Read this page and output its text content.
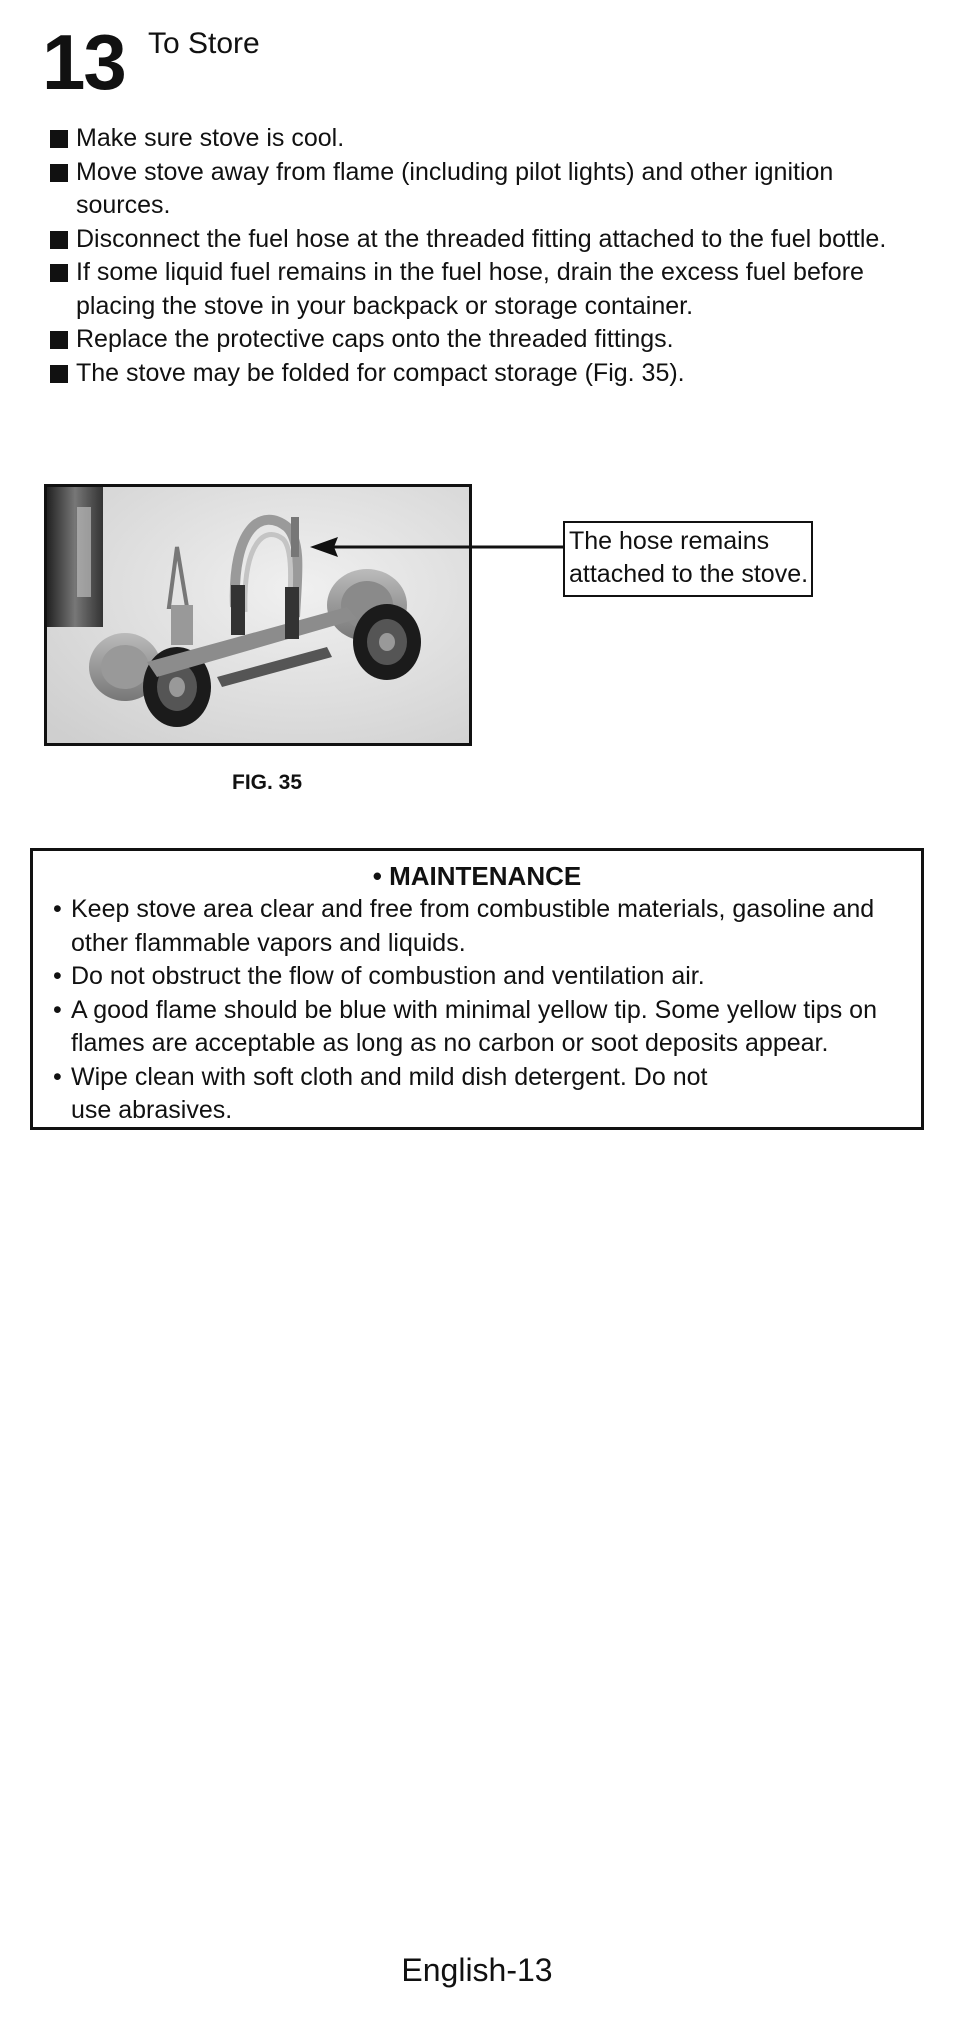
13 To Store
Make sure stove is cool.
Move stove away from flame (including pilot lights) and other ignition sources.
Disconnect the fuel hose at the threaded fitting attached to the fuel bottle.
If some liquid fuel remains in the fuel hose, drain the excess fuel before placing the stove in your backpack or storage container.
Replace the protective caps onto the threaded fittings.
The stove may be folded for compact storage (Fig. 35).
The hose remains attached to the stove.
FIG. 35
• MAINTENANCE
• Keep stove area clear and free from combustible materials, gasoline and other flammable vapors and liquids.
• Do not obstruct the flow of combustion and ventilation air.
• A good flame should be blue with minimal yellow tip. Some yellow tips on flames are acceptable as long as no carbon or soot deposits appear.
• Wipe clean with soft cloth and mild dish detergent. Do not use abrasives.
English-13
